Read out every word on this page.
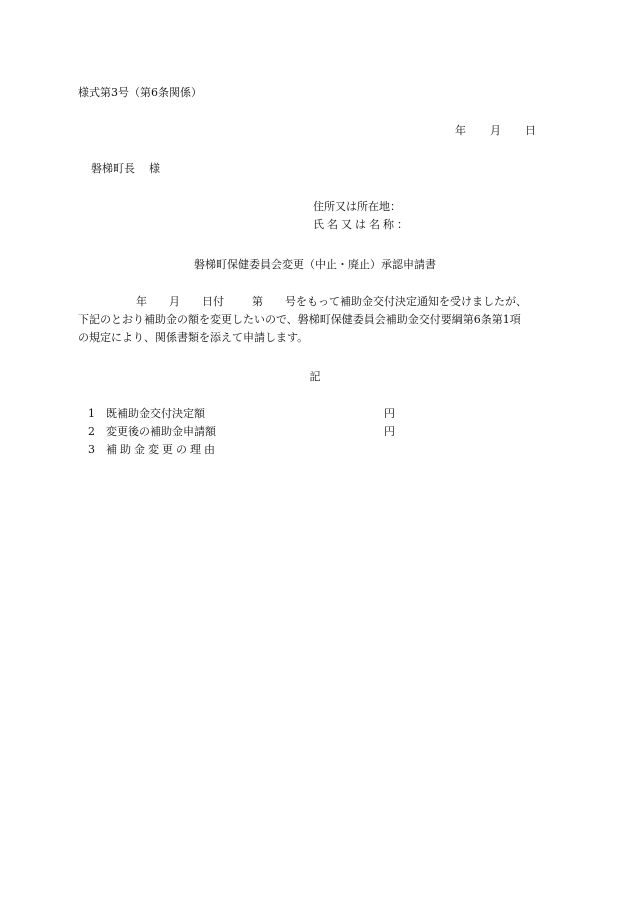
様式第3号（第6条関係）
年 月 日
磐梯町長 様
住所又は所在地：
氏名又は名称：
磐梯町保健委員会変更（中止・廃止）承認申請書
年 月 日付	第 号をもって補助金交付決定通知を受けましたが、
下記のとおり補助金の額を変更したいので、磐梯町保健委員会補助金交付要綱第6条第1項
の規定により、関係書類を添えて申請します。
記
1	既補助金交付決定額	円
2	変更後の補助金申請額	円
3	補助金変更の理由
